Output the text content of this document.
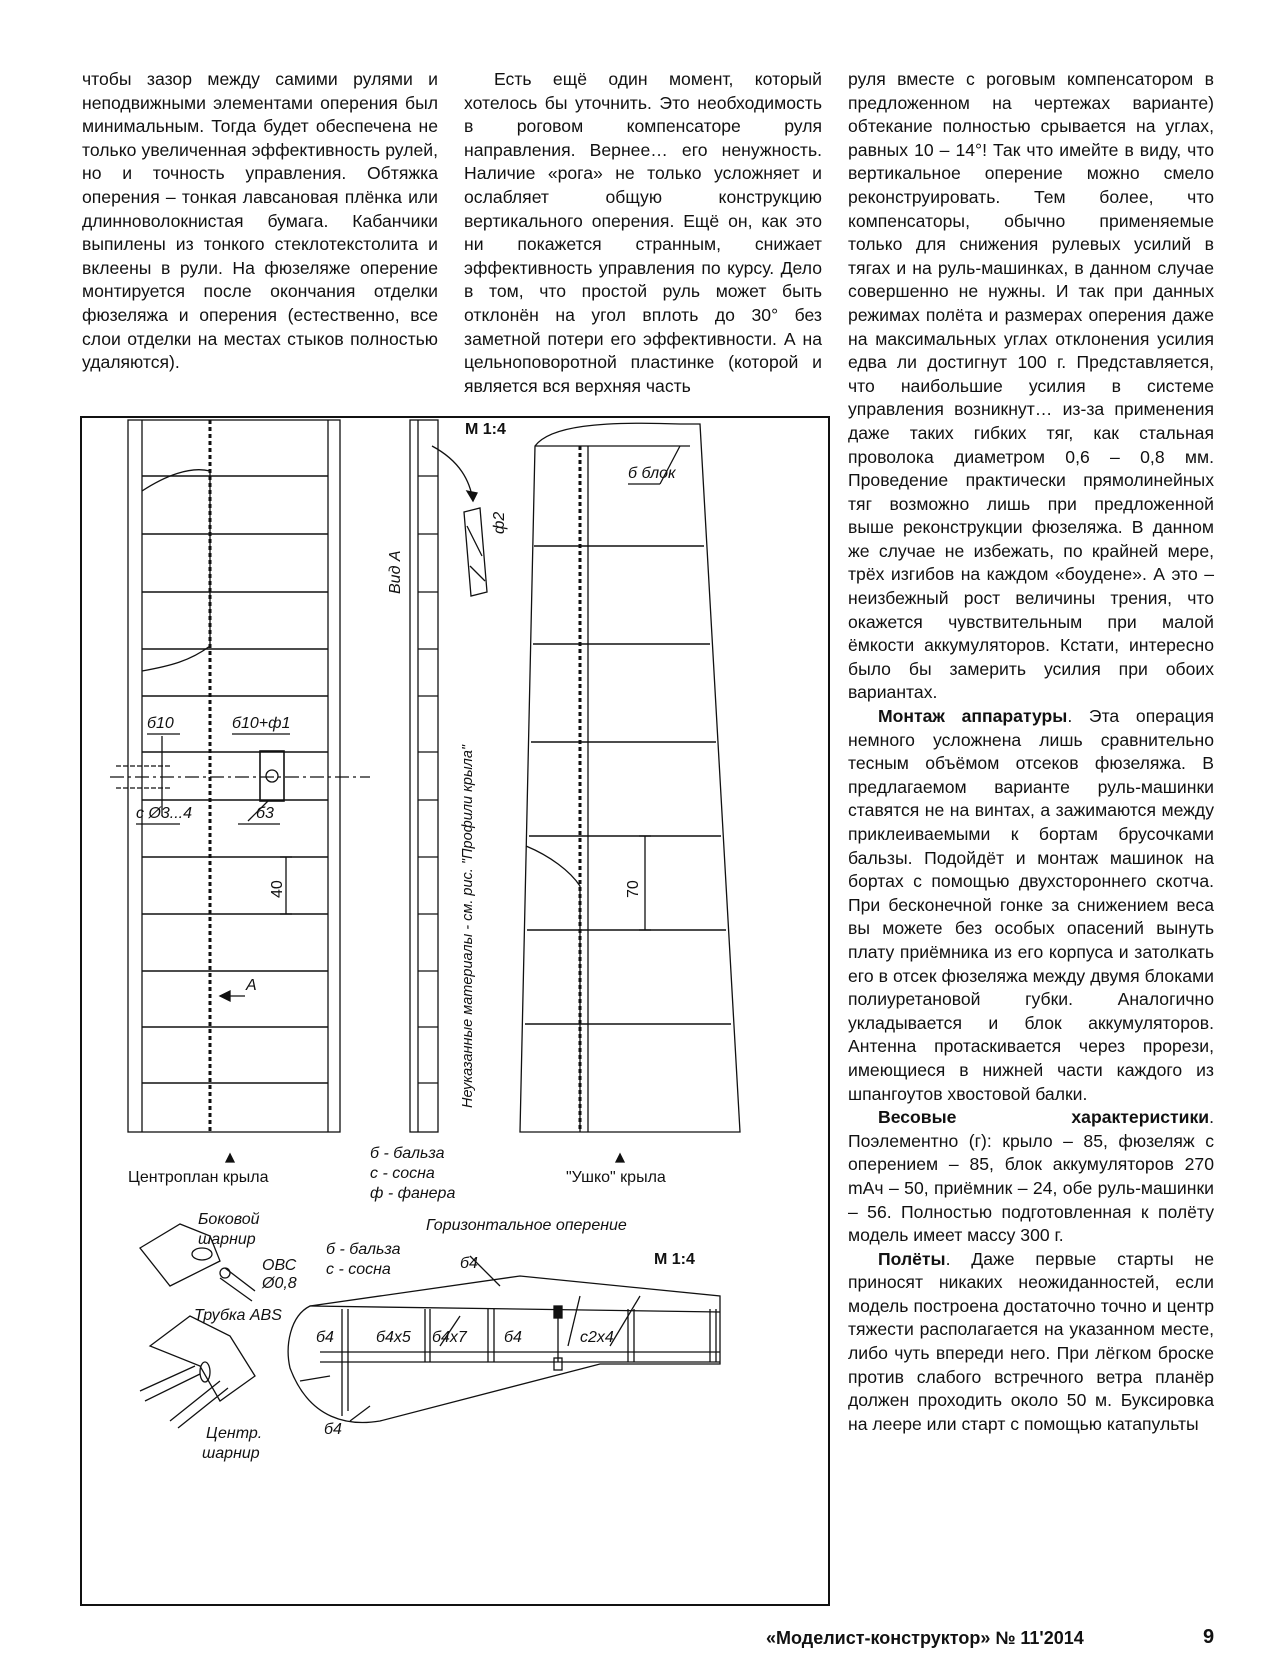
чтобы зазор между самими рулями и неподвижными элементами оперения был минимальным. Тогда будет обеспечена не только увеличенная эффективность рулей, но и точность управления. Обтяжка оперения – тонкая лавсановая плёнка или длинноволокнистая бумага. Кабанчики выпилены из тонкого стеклотекстолита и вклеены в рули. На фюзеляже оперение монтируется после окончания отделки фюзеляжа и оперения (естественно, все слои отделки на местах стыков полностью удаляются).

Есть ещё один момент, который хотелось бы уточнить. Это необходимость в роговом компенсаторе руля направления. Вернее… его ненужность. Наличие «рога» не только усложняет и ослабляет общую конструкцию вертикального оперения. Ещё он, как это ни покажется странным, снижает эффективность управления по курсу. Дело в том, что простой руль может быть отклонён на угол вплоть до 30° без заметной потери его эффективности. А на цельноповоротной пластинке (которой и является вся верхняя часть

руля вместе с роговым компенсатором в предложенном на чертежах варианте) обтекание полностью срывается на углах, равных 10 – 14°! Так что имейте в виду, что вертикальное оперение можно смело реконструировать. Тем более, что компенсаторы, обычно применяемые только для снижения рулевых усилий в тягах и на руль-машинках, в данном случае совершенно не нужны. И так при данных режимах полёта и размерах оперения даже на максимальных углах отклонения усилия едва ли достигнут 100 г. Представляется, что наибольшие усилия в системе управления возникнут… из-за применения даже таких гибких тяг, как стальная проволока диаметром 0,6 – 0,8 мм. Проведение практически прямолинейных тяг возможно лишь при предложенной выше реконструкции фюзеляжа. В данном же случае не избежать, по крайней мере, трёх изгибов на каждом «боудене». А это – неизбежный рост величины трения, что окажется чувствительным при малой ёмкости аккумуляторов. Кстати, интересно было бы замерить усилия при обоих вариантах.

Монтаж аппаратуры. Эта операция немного усложнена лишь сравнительно тесным объёмом отсеков фюзеляжа. В предлагаемом варианте руль-машинки ставятся не на винтах, а зажимаются между приклеиваемыми к бортам брусочками бальзы. Подойдёт и монтаж машинок на бортах с помощью двухстороннего скотча. При бесконечной гонке за снижением веса вы можете без особых опасений вынуть плату приёмника из его корпуса и затолкать его в отсек фюзеляжа между двумя блоками полиуретановой губки. Аналогично укладывается и блок аккумуляторов. Антенна протаскивается через прорези, имеющиеся в нижней части каждого из шпангоутов хвостовой балки.

Весовые характеристики. Поэлементно (г): крыло – 85, фюзеляж с оперением – 85, блок аккумуляторов 270 mАч – 50, приёмник – 24, обе руль-машинки – 56. Полностью подготовленная к полёту модель имеет массу 300 г.

Полёты. Даже первые старты не приносят никаких неожиданностей, если модель построена достаточно точно и центр тяжести располагается на указанном месте, либо чуть впереди него. При лёгком броске против слабого встречного ветра планёр должен проходить около 50 м. Буксировка на леере или старт с помощью катапульты

М 1:4
Вид А
ф2
б блок
б10	б10+ф1
с Ø3...4	б3
40	70
А	Неуказанные материалы - см. рис. "Профили крыла"
б - бальза
с - сосна
ф - фанера
Центроплан крыла	"Ушко" крыла
Боковой
шарнир
ОВС
Ø0,8
Трубка ABS
Центр.
шарнир
Горизонтальное оперение
б - бальза
с - сосна
М 1:4
б4
б4	б4х5 б4х7 б4	с2х4
б4
«Моделист-конструктор» № 11'2014	9
